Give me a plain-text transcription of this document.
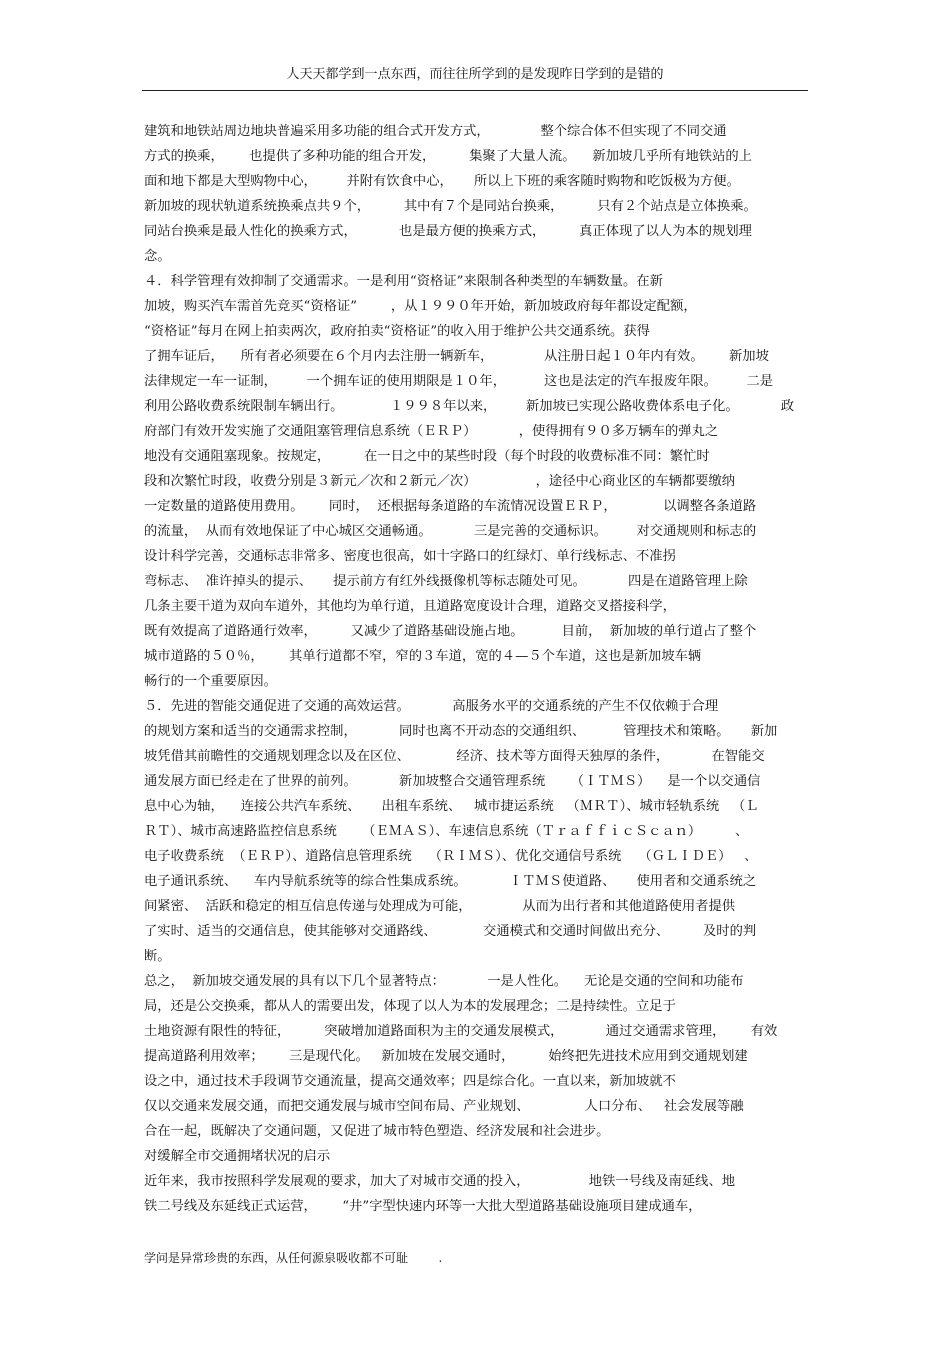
人天天都学到一点东西，而往往所学到的是发现昨日学到的是错的
建筑和地铁站周边地块普遍采用多功能的组合式开发方式，            整个综合体不但实现了不同交通
方式的换乘，      也提供了多种功能的组合开发，        集聚了大量人流。    新加坡几乎所有地铁站的上
面和地下都是大型购物中心，       并附有饮食中心，     所以上下班的乘客随时购物和吃饭极为方便。
新加坡的现状轨道系统换乘点共９个，        其中有７个是同站台换乘，        只有２个站点是立体换乘。
同站台换乘是最人性化的换乘方式，          也是最方便的换乘方式，        真正体现了以人为本的规划理
念。
４．科学管理有效抑制了交通需求。一是利用“资格证”来限制各种类型的车辆数量。在新
加坡，购买汽车需首先竞买“资格证”        ，从１９９０年开始，新加坡政府每年都设定配额，
“资格证”每月在网上拍卖两次，政府拍卖“资格证”的收入用于维护公共交通系统。获得
了拥车证后，    所有者必须要在６个月内去注册一辆新车，            从注册日起１０年内有效。      新加坡
法律规定一车一证制，       一个拥车证的使用期限是１０年，         这也是法定的汽车报废年限。       二是
利用公路收费系统限制车辆出行。           １９９８年以来，       新加坡已实现公路收费体系电子化。          政
府部门有效开发实施了交通阻塞管理信息系统（ＥＲＰ）          ，使得拥有９０多万辆车的弹丸之
地没有交通阻塞现象。按规定，        在一日之中的某些时段（每个时段的收费标准不同：繁忙时
段和次繁忙时段，收费分别是３新元／次和２新元／次）              ，途径中心商业区的车辆都要缴纳
一定数量的道路使用费用。      同时，  还根据每条道路的车流情况设置ＥＲＰ，           以调整各条道路
的流量，  从而有效地保证了中心城区交通畅通。          三是完善的交通标识。       对交通规则和标志的
设计科学完善，交通标志非常多、密度也很高，如十字路口的红绿灯、单行线标志、不准拐
弯标志、  准许掉头的提示、     提示前方有红外线摄像机等标志随处可见。          四是在道路管理上除
几条主要干道为双向车道外，其他均为单行道，且道路宽度设计合理，道路交叉搭接科学，
既有效提高了道路通行效率，        又减少了道路基础设施占地。         目前，  新加坡的单行道占了整个
城市道路的５０％，      其单行道都不窄，窄的３车道，宽的４—５个车道，这也是新加坡车辆
畅行的一个重要原因。
５．先进的智能交通促进了交通的高效运营。          高服务水平的交通系统的产生不仅依赖于合理
的规划方案和适当的交通需求控制，          同时也离不开动态的交通组织、         管理技术和策略。     新加
坡凭借其前瞻性的交通规划理念以及在区位、           经济、技术等方面得天独厚的条件，          在智能交
通发展方面已经走在了世界的前列。          新加坡整合交通管理系统      （ＩＴＭＳ）    是一个以交通信
息中心为轴，    连接公共汽车系统、     出租车系统、   城市捷运系统   （ＭＲＴ）、城市轻轨系统   （Ｌ
ＲＴ）、城市高速路监控信息系统      （ＥＭＡＳ）、车速信息系统（ＴｒａｆｆｉｃＳｃａｎ）        、
电子收费系统  （ＥＲＰ）、道路信息管理系统    （ＲＩＭＳ）、优化交通信号系统    （ＧＬＩＤＥ）   、
电子通讯系统、    车内导航系统等的综合性集成系统。          ＩＴＭＳ使道路、     使用者和交通系统之
间紧密、  活跃和稳定的相互信息传递与处理成为可能，            从而为出行者和其他道路使用者提供
了实时、适当的交通信息，使其能够对交通路线、           交通模式和交通时间做出充分、        及时的判
断。
总之，  新加坡交通发展的具有以下几个显著特点：          一是人性化。    无论是交通的空间和功能布
局，还是公交换乘，都从人的需要出发，体现了以人为本的发展理念；二是持续性。立足于
土地资源有限性的特征，        突破增加道路面积为主的交通发展模式，          通过交通需求管理，      有效
提高道路利用效率；      三是现代化。   新加坡在发展交通时，        始终把先进技术应用到交通规划建
设之中，通过技术手段调节交通流量，提高交通效率；四是综合化。一直以来，新加坡就不
仅以交通来发展交通，而把交通发展与城市空间布局、产业规划、             人口分布、   社会发展等融
合在一起，既解决了交通问题，又促进了城市特色塑造、经济发展和社会进步。
对缓解全市交通拥堵状况的启示
近年来，我市按照科学发展观的要求，加大了对城市交通的投入，              地铁一号线及南延线、地
铁二号线及东延线正式运营，      “井”字型快速内环等一大批大型道路基础设施项目建成通车，
学问是异常珍贵的东西，从任何源泉吸收都不可耻        .
